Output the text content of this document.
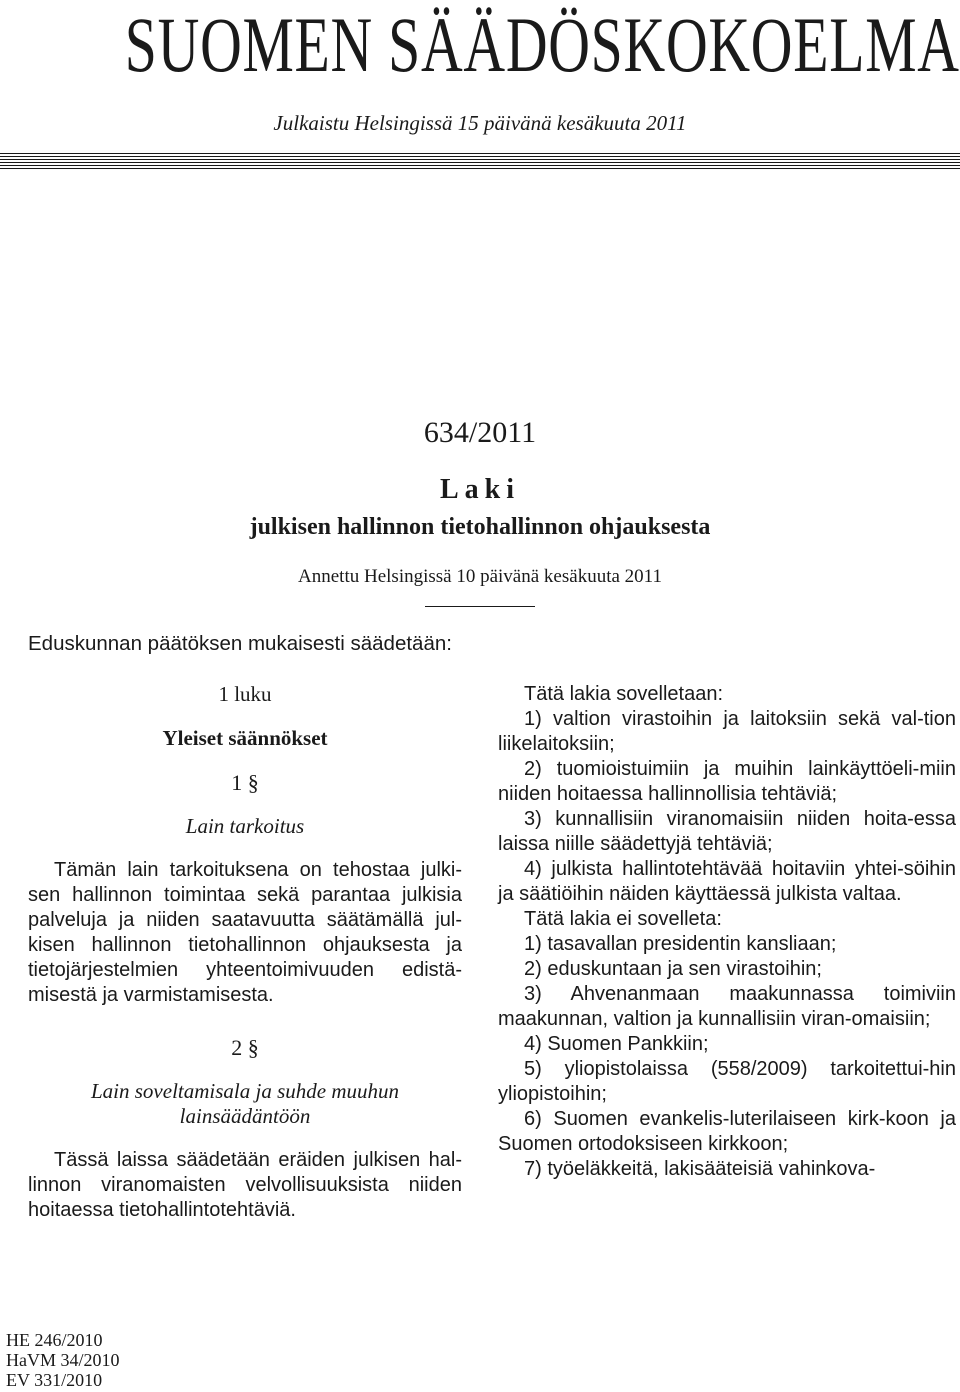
SUOMEN SÄÄDÖSKOKOELMA
Julkaistu Helsingissä 15 päivänä kesäkuuta 2011
634/2011
Laki
julkisen hallinnon tietohallinnon ohjauksesta
Annettu Helsingissä 10 päivänä kesäkuuta 2011
Eduskunnan päätöksen mukaisesti säädetään:
1 luku
Yleiset säännökset
1 §
Lain tarkoitus
Tämän lain tarkoituksena on tehostaa julki-sen hallinnon toimintaa sekä parantaa julkisia palveluja ja niiden saatavuutta säätämällä jul-kisen hallinnon tietohallinnon ohjauksesta ja tietojärjestelmien yhteentoimivuuden edistä-misestä ja varmistamisesta.
2 §
Lain soveltamisala ja suhde muuhun lainsäädäntöön
Tässä laissa säädetään eräiden julkisen hal-linnon viranomaisten velvollisuuksista niiden hoitaessa tietohallintotehtäviä.

Tätä lakia sovelletaan:

1) valtion virastoihin ja laitoksiin sekä val-tion liikelaitoksiin;

2) tuomioistuimiin ja muihin lainkäyttöeli-miin niiden hoitaessa hallinnollisia tehtäviä;

3) kunnallisiin viranomaisiin niiden hoita-essa laissa niille säädettyjä tehtäviä;

4) julkista hallintotehtävää hoitaviin yhtei-söihin ja säätiöihin näiden käyttäessä julkista valtaa.

Tätä lakia ei sovelleta:

1) tasavallan presidentin kansliaan;

2) eduskuntaan ja sen virastoihin;

3) Ahvenanmaan maakunnassa toimiviin maakunnan, valtion ja kunnallisiin viran-omaisiin;

4) Suomen Pankkiin;

5) yliopistolaissa (558/2009) tarkoitettui-hin yliopistoihin;

6) Suomen evankelis-luterilaiseen kirk-koon ja Suomen ortodoksiseen kirkkoon;

7) työeläkkeitä, lakisääteisiä vahinkova-

HE 246/2010
HaVM 34/2010
EV 331/2010
